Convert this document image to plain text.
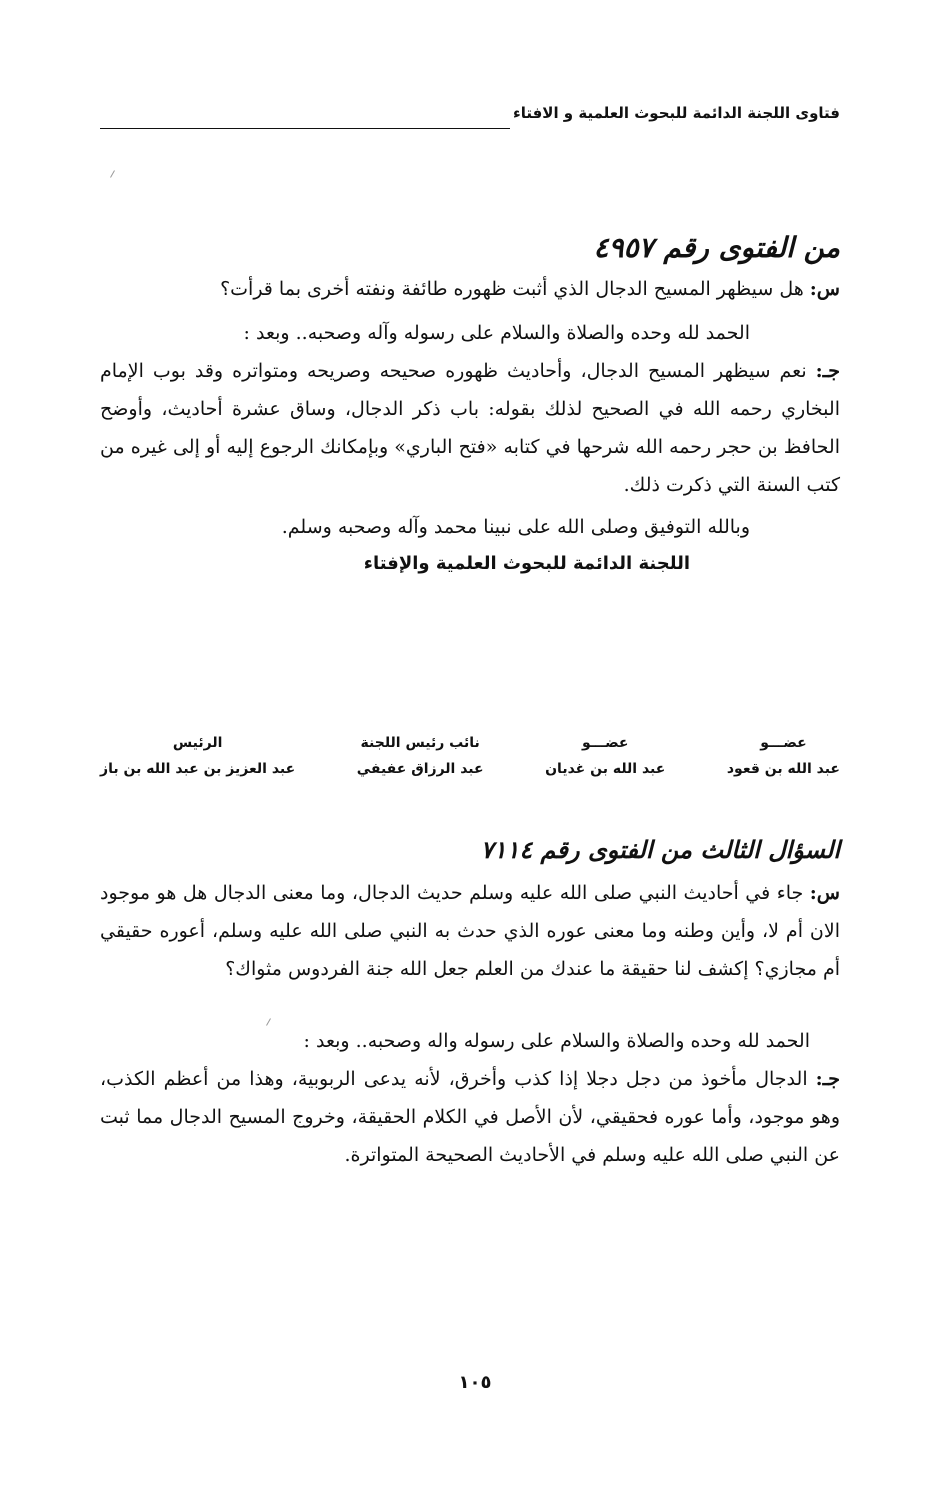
فتاوى اللجنة الدائمة للبحوث العلمية و الافتاء
من الفتوى رقم ٤٩٥٧
س: هل سيظهر المسيح الدجال الذي أثبت ظهوره طائفة ونفته أخرى بما قرأت؟
الحمد لله وحده والصلاة والسلام على رسوله وآله وصحبه.. وبعد :
جـ: نعم سيظهر المسيح الدجال، وأحاديث ظهوره صحيحه وصريحه ومتواتره وقد بوب الإمام البخاري رحمه الله في الصحيح لذلك بقوله: باب ذكر الدجال، وساق عشرة أحاديث، وأوضح الحافظ بن حجر رحمه الله شرحها في كتابه «فتح الباري» وبإمكانك الرجوع إليه أو إلى غيره من كتب السنة التي ذكرت ذلك.
وبالله التوفيق وصلى الله على نبينا محمد وآله وصحبه وسلم.
اللجنة الدائمة للبحوث العلمية والإفتاء
عضـــو
عبد الله بن قعود
عضـــو
عبد الله بن غديان
نائب رئيس اللجنة
عبد الرزاق عفيفي
الرئيس
عبد العزيز بن عبد الله بن باز
السؤال الثالث من الفتوى رقم ٧١١٤
س: جاء في أحاديث النبي صلى الله عليه وسلم حديث الدجال، وما معنى الدجال هل هو موجود الان أم لا، وأين وطنه وما معنى عوره الذي حدث به النبي صلى الله عليه وسلم، أعوره حقيقي أم مجازي؟ إكشف لنا حقيقة ما عندك من العلم جعل الله جنة الفردوس مثواك؟
الحمد لله وحده والصلاة والسلام على رسوله واله وصحبه.. وبعد :
جـ: الدجال مأخوذ من دجل دجلا إذا كذب وأخرق، لأنه يدعى الربوبية، وهذا من أعظم الكذب، وهو موجود، وأما عوره فحقيقي، لأن الأصل في الكلام الحقيقة، وخروج المسيح الدجال مما ثبت عن النبي صلى الله عليه وسلم في الأحاديث الصحيحة المتواترة.
١٠٥
